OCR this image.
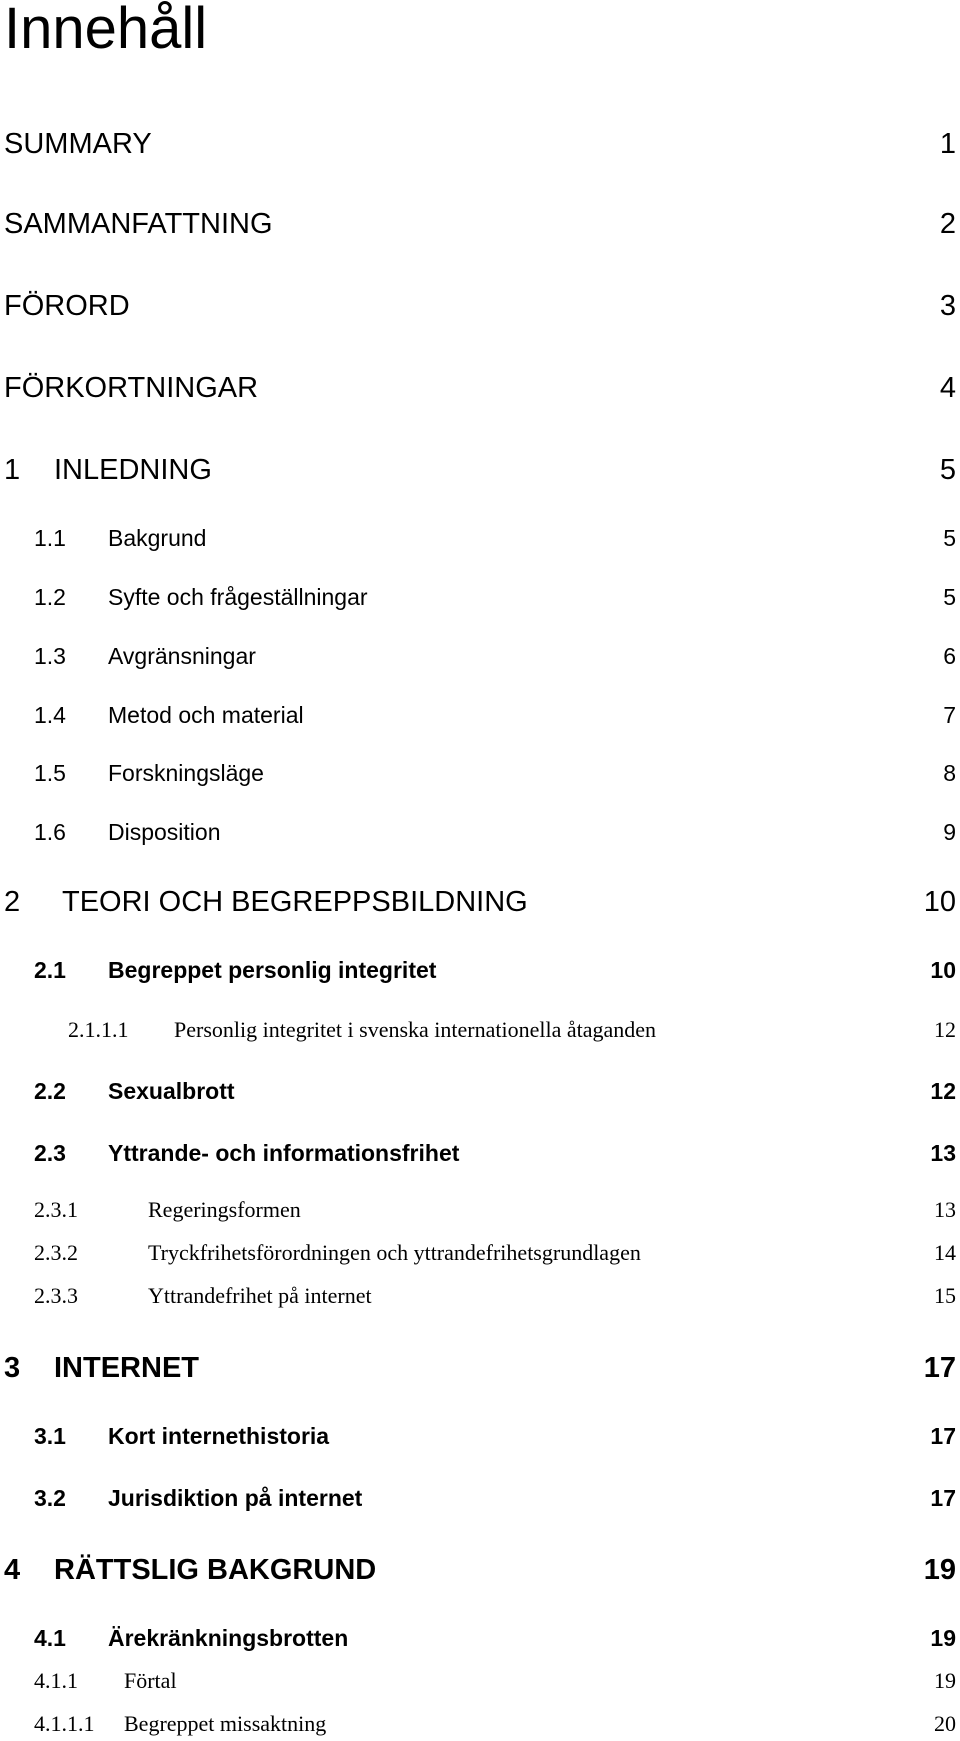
Innehåll
SUMMARY	1
SAMMANFATTNING	2
FÖRORD	3
FÖRKORTNINGAR	4
1 INLEDNING	5
1.1 Bakgrund	5
1.2 Syfte och frågeställningar	5
1.3 Avgränsningar	6
1.4 Metod och material	7
1.5 Forskningsläge	8
1.6 Disposition	9
2 TEORI OCH BEGREPPSBILDNING	10
2.1 Begreppet personlig integritet	10
2.1.1.1 Personlig integritet i svenska internationella åtaganden	12
2.2 Sexualbrott	12
2.3 Yttrande- och informationsfrihet	13
2.3.1	Regeringsformen	13
2.3.2	Tryckfrihetsförordningen och yttrandefrihetsgrundlagen	14
2.3.3	Yttrandefrihet på internet	15
3 INTERNET	17
3.1 Kort internethistoria	17
3.2 Jurisdiktion på internet	17
4 RÄTTSLIG BAKGRUND	19
4.1 Ärekränkningsbrotten	19
4.1.1 Förtal	19
4.1.1.1 Begreppet missaktning	20
